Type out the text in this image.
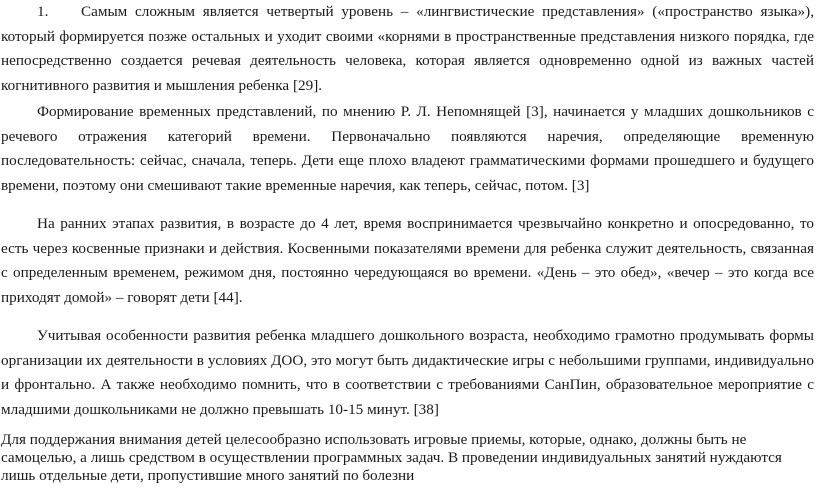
1. Самым сложным является четвертый уровень – «лингвистические представления» («пространство языка»), который формируется позже остальных и уходит своими «корнями в пространственные представления низкого порядка, где непосредственно создается речевая деятельность человека, которая является одновременно одной из важных частей когнитивного развития и мышления ребенка [29].

Формирование временных представлений, по мнению Р. Л. Непомнящей [3], начинается у младших дошкольников с речевого отражения категорий времени. Первоначально появляются наречия, определяющие временную последовательность: сейчас, сначала, теперь. Дети еще плохо владеют грамматическими формами прошедшего и будущего времени, поэтому они смешивают такие временные наречия, как теперь, сейчас, потом. [3]

На ранних этапах развития, в возрасте до 4 лет, время воспринимается чрезвычайно конкретно и опосредованно, то есть через косвенные признаки и действия. Косвенными показателями времени для ребенка служит деятельность, связанная с определенным временем, режимом дня, постоянно чередующаяся во времени. «День – это обед», «вечер – это когда все приходят домой» – говорят дети [44].

Учитывая особенности развития ребенка младшего дошкольного возраста, необходимо грамотно продумывать формы организации их деятельности в условиях ДОО, это могут быть дидактические игры с небольшими группами, индивидуально и фронтально. А также необходимо помнить, что в соответствии с требованиями СанПин, образовательное мероприятие с младшими дошкольниками не должно превышать 10-15 минут. [38]

Для поддержания внимания детей целесообразно использовать игровые приемы, которые, однако, должны быть не самоцелью, а лишь средством в осуществлении программных задач. В проведении индивидуальных занятий нуждаются лишь отдельные дети, пропустившие много занятий по болезни
